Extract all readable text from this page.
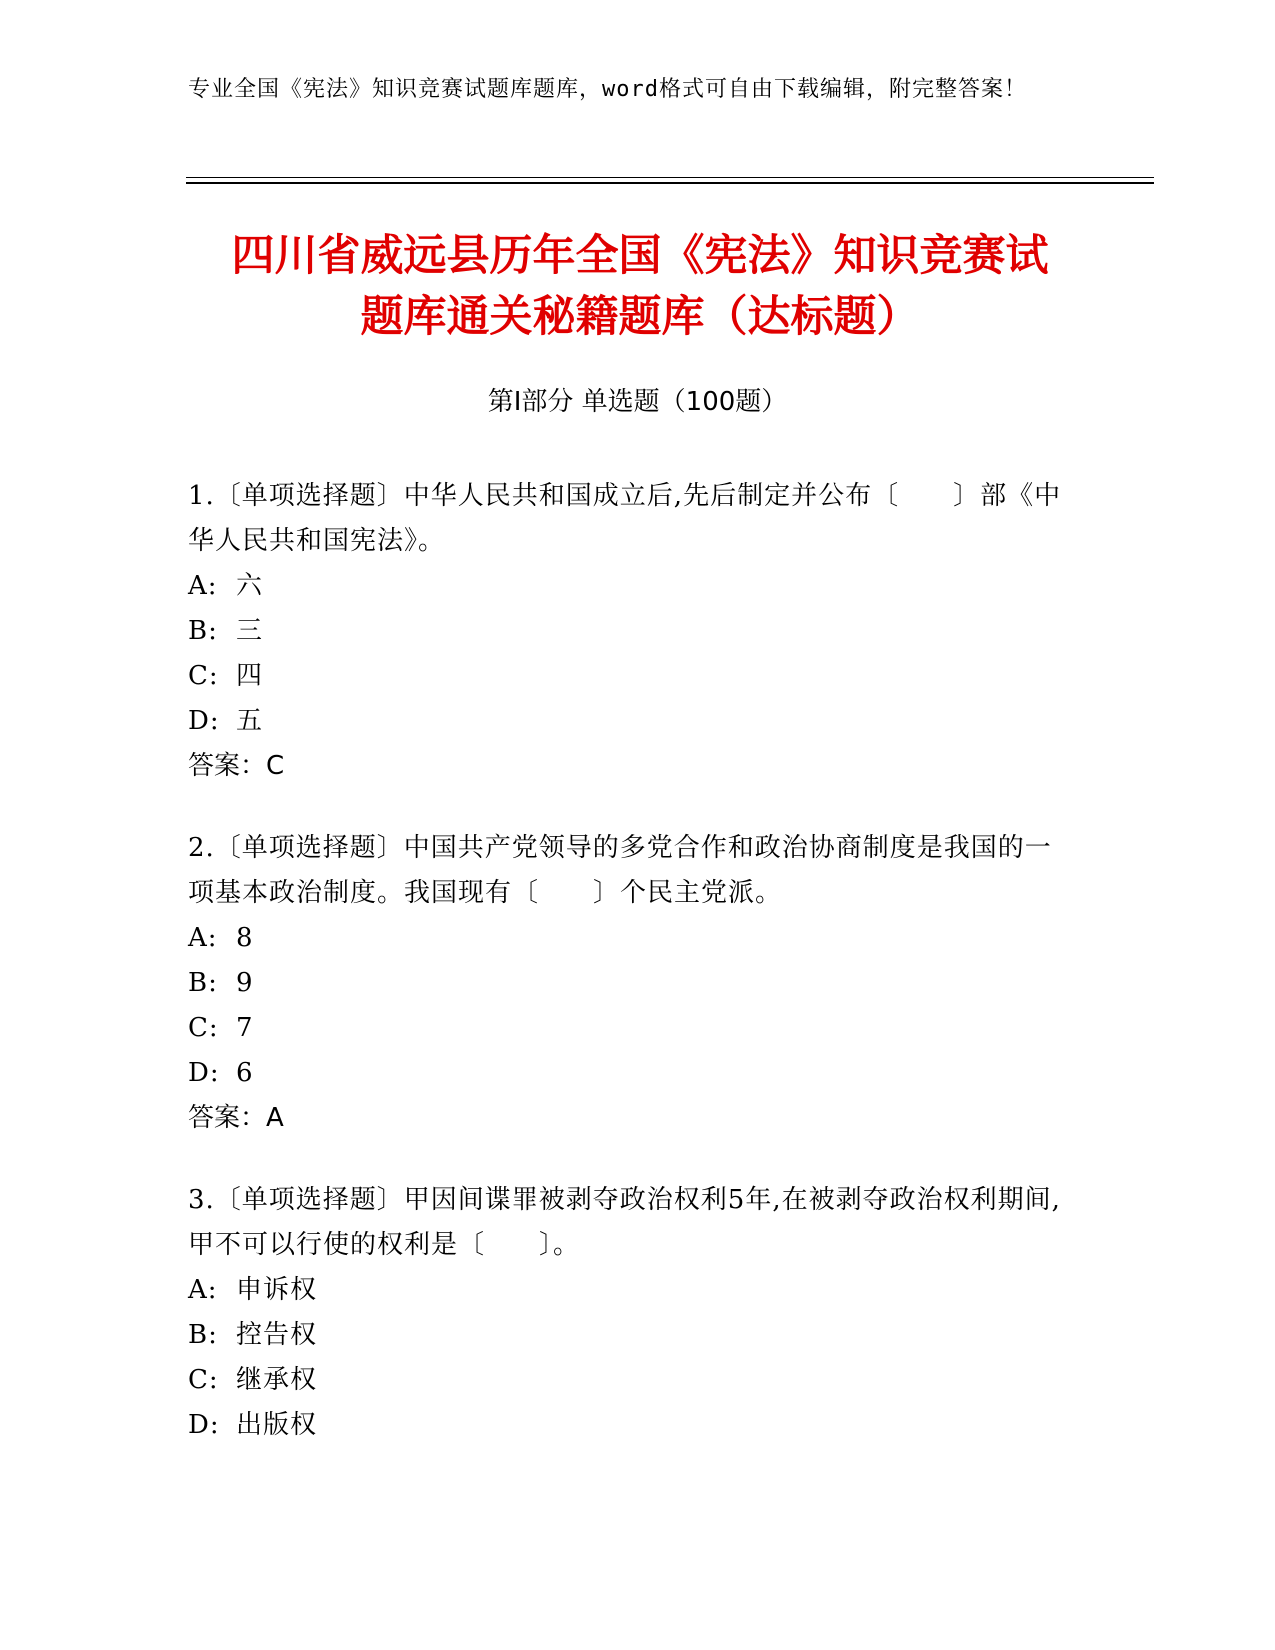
专业全国《宪法》知识竞赛试题库题库，word格式可自由下载编辑，附完整答案！
四川省威远县历年全国《宪法》知识竞赛试
题库通关秘籍题库（达标题）
第Ⅰ部分 单选题（100题）
1.〔单项选择题〕中华人民共和国成立后,先后制定并公布〔　　〕部《中华人民共和国宪法》。
A: 六
B: 三
C: 四
D: 五
答案：C
2.〔单项选择题〕中国共产党领导的多党合作和政治协商制度是我国的一项基本政治制度。我国现有〔　　〕个民主党派。
A: 8
B: 9
C: 7
D: 6
答案：A
3.〔单项选择题〕甲因间谍罪被剥夺政治权利5年,在被剥夺政治权利期间,甲不可以行使的权利是〔　　〕。
A: 申诉权
B: 控告权
C: 继承权
D: 出版权
